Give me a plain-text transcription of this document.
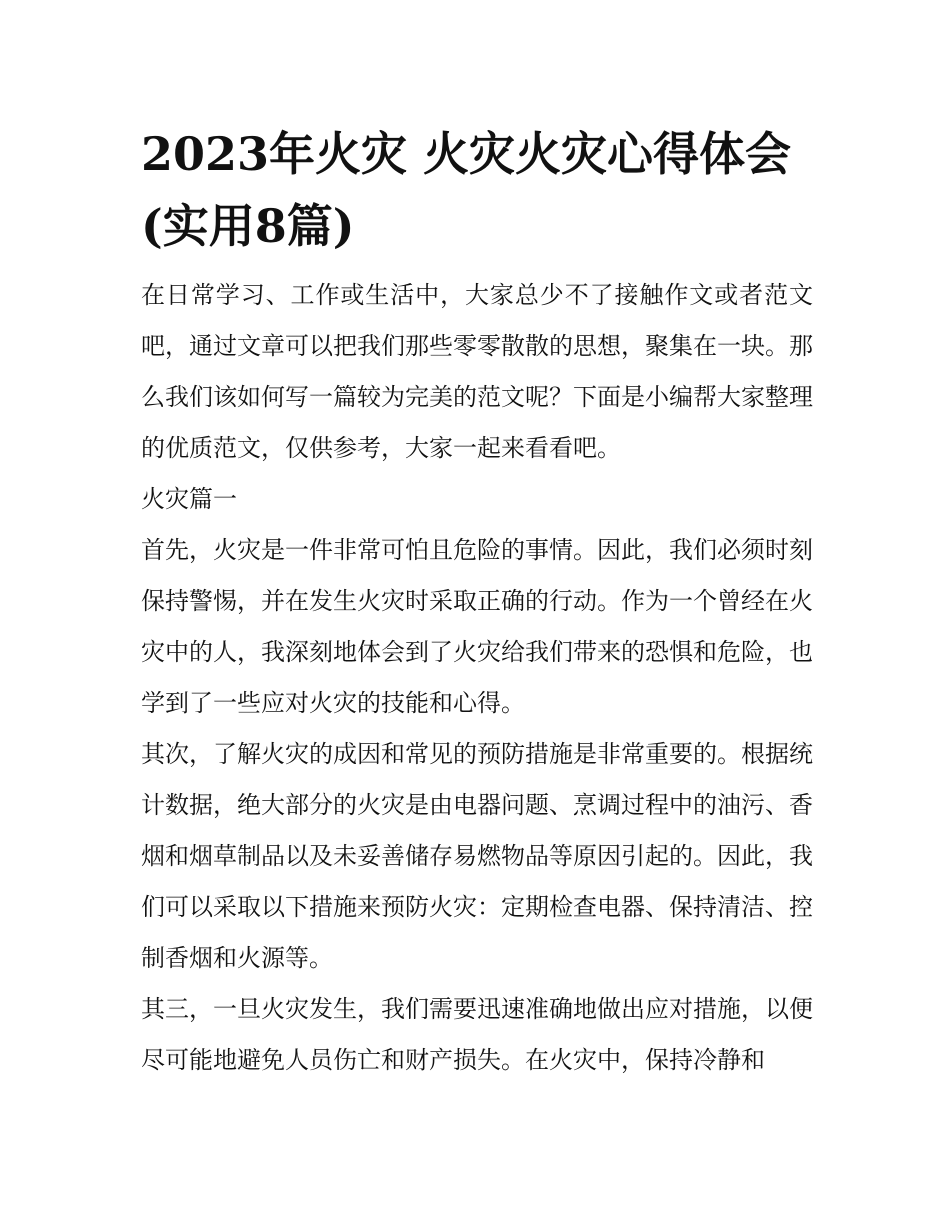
2023年火灾 火灾火灾心得体会(实用8篇)

在日常学习、工作或生活中，大家总少不了接触作文或者范文吧，通过文章可以把我们那些零零散散的思想，聚集在一块。那么我们该如何写一篇较为完美的范文呢？下面是小编帮大家整理的优质范文，仅供参考，大家一起来看看吧。

火灾篇一

首先，火灾是一件非常可怕且危险的事情。因此，我们必须时刻保持警惕，并在发生火灾时采取正确的行动。作为一个曾经在火灾中的人，我深刻地体会到了火灾给我们带来的恐惧和危险，也学到了一些应对火灾的技能和心得。

其次，了解火灾的成因和常见的预防措施是非常重要的。根据统计数据，绝大部分的火灾是由电器问题、烹调过程中的油污、香烟和烟草制品以及未妥善储存易燃物品等原因引起的。因此，我们可以采取以下措施来预防火灾：定期检查电器、保持清洁、控制香烟和火源等。

其三，一旦火灾发生，我们需要迅速准确地做出应对措施，以便尽可能地避免人员伤亡和财产损失。在火灾中，保持冷静和
